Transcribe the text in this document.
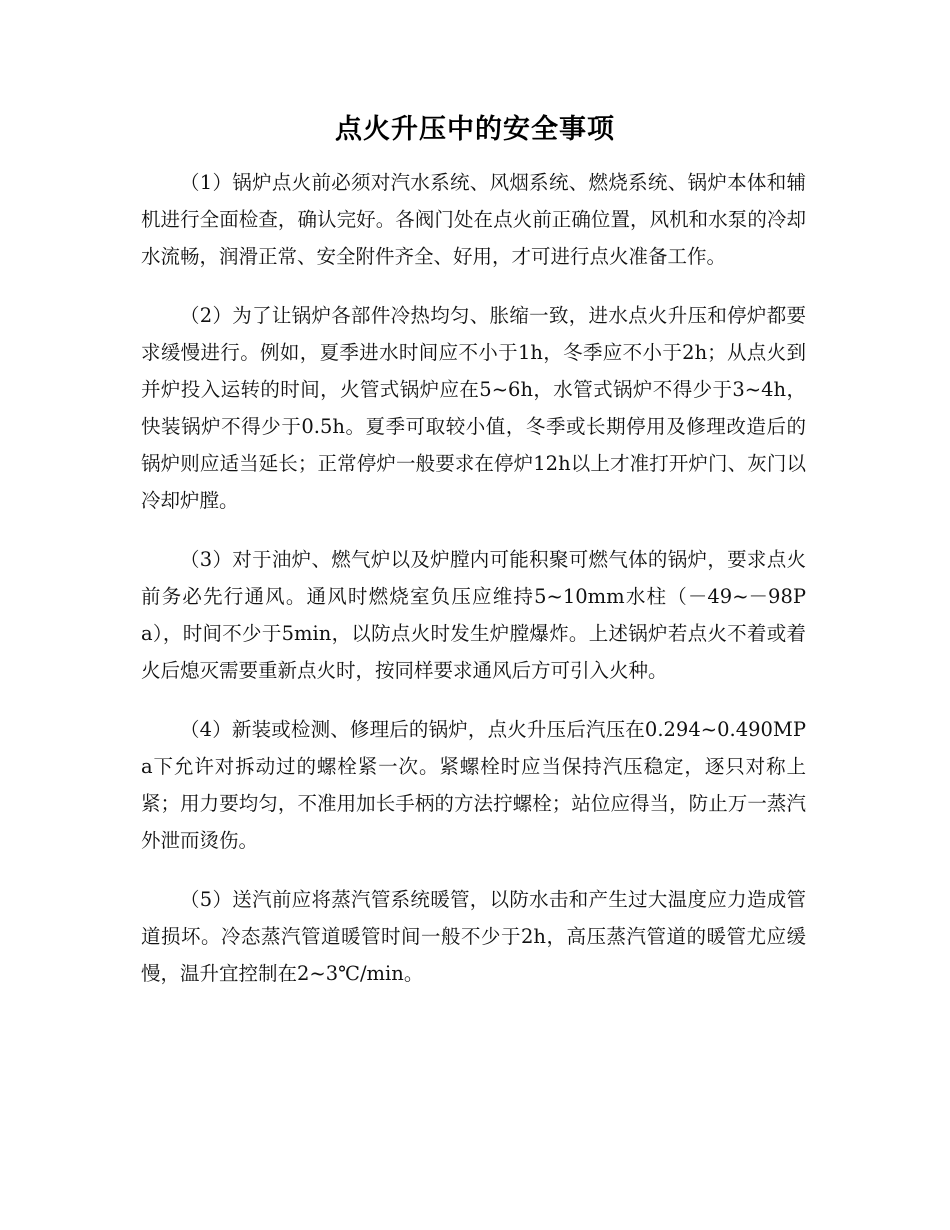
点火升压中的安全事项

（1）锅炉点火前必须对汽水系统、风烟系统、燃烧系统、锅炉本体和辅机进行全面检查，确认完好。各阀门处在点火前正确位置，风机和水泵的冷却水流畅，润滑正常、安全附件齐全、好用，才可进行点火准备工作。

（2）为了让锅炉各部件冷热均匀、胀缩一致，进水点火升压和停炉都要求缓慢进行。例如，夏季进水时间应不小于1h，冬季应不小于2h；从点火到并炉投入运转的时间，火管式锅炉应在5~6h，水管式锅炉不得少于3~4h，快装锅炉不得少于0.5h。夏季可取较小值，冬季或长期停用及修理改造后的锅炉则应适当延长；正常停炉一般要求在停炉12h以上才准打开炉门、灰门以冷却炉膛。

（3）对于油炉、燃气炉以及炉膛内可能积聚可燃气体的锅炉，要求点火前务必先行通风。通风时燃烧室负压应维持5~10mm水柱（－49~－98Pa），时间不少于5min，以防点火时发生炉膛爆炸。上述锅炉若点火不着或着火后熄灭需要重新点火时，按同样要求通风后方可引入火种。

（4）新装或检测、修理后的锅炉，点火升压后汽压在0.294~0.490MPa下允许对拆动过的螺栓紧一次。紧螺栓时应当保持汽压稳定，逐只对称上紧；用力要均匀，不准用加长手柄的方法拧螺栓；站位应得当，防止万一蒸汽外泄而烫伤。

（5）送汽前应将蒸汽管系统暖管，以防水击和产生过大温度应力造成管道损坏。冷态蒸汽管道暖管时间一般不少于2h，高压蒸汽管道的暖管尤应缓慢，温升宜控制在2~3℃/min。
